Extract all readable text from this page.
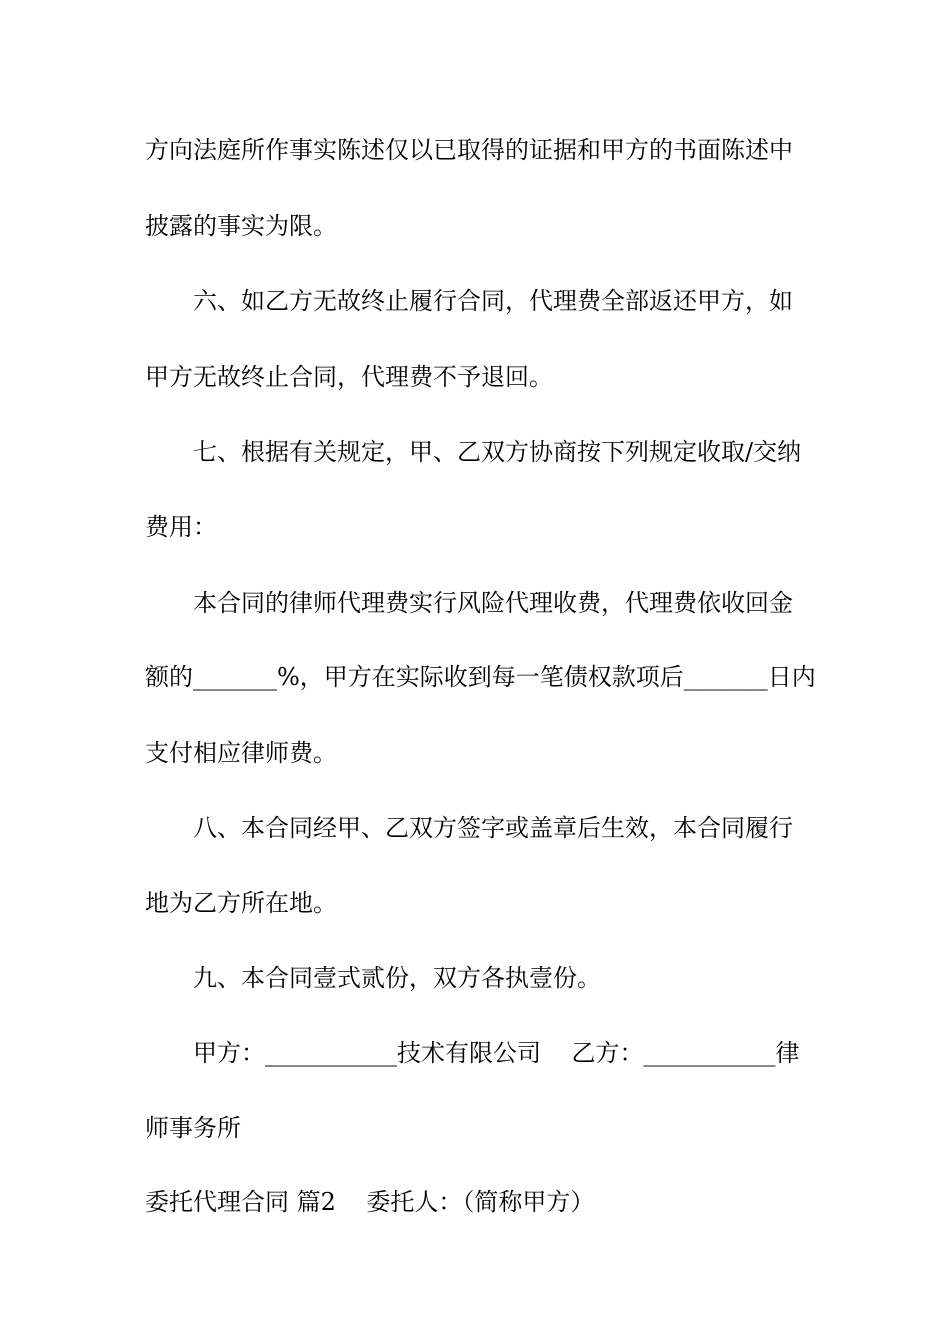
方向法庭所作事实陈述仅以已取得的证据和甲方的书面陈述中
披露的事实为限。
六、如乙方无故终止履行合同，代理费全部返还甲方，如
甲方无故终止合同，代理费不予退回。
七、根据有关规定，甲、乙双方协商按下列规定收取/交纳
费用：
本合同的律师代理费实行风险代理收费，代理费依收回金
额的_______%，甲方在实际收到每一笔债权款项后_______日内
支付相应律师费。
八、本合同经甲、乙双方签字或盖章后生效，本合同履行
地为乙方所在地。
九、本合同壹式贰份，双方各执壹份。
甲方：___________技术有限公司    乙方：___________律
师事务所
委托代理合同 篇2    委托人：（简称甲方）
